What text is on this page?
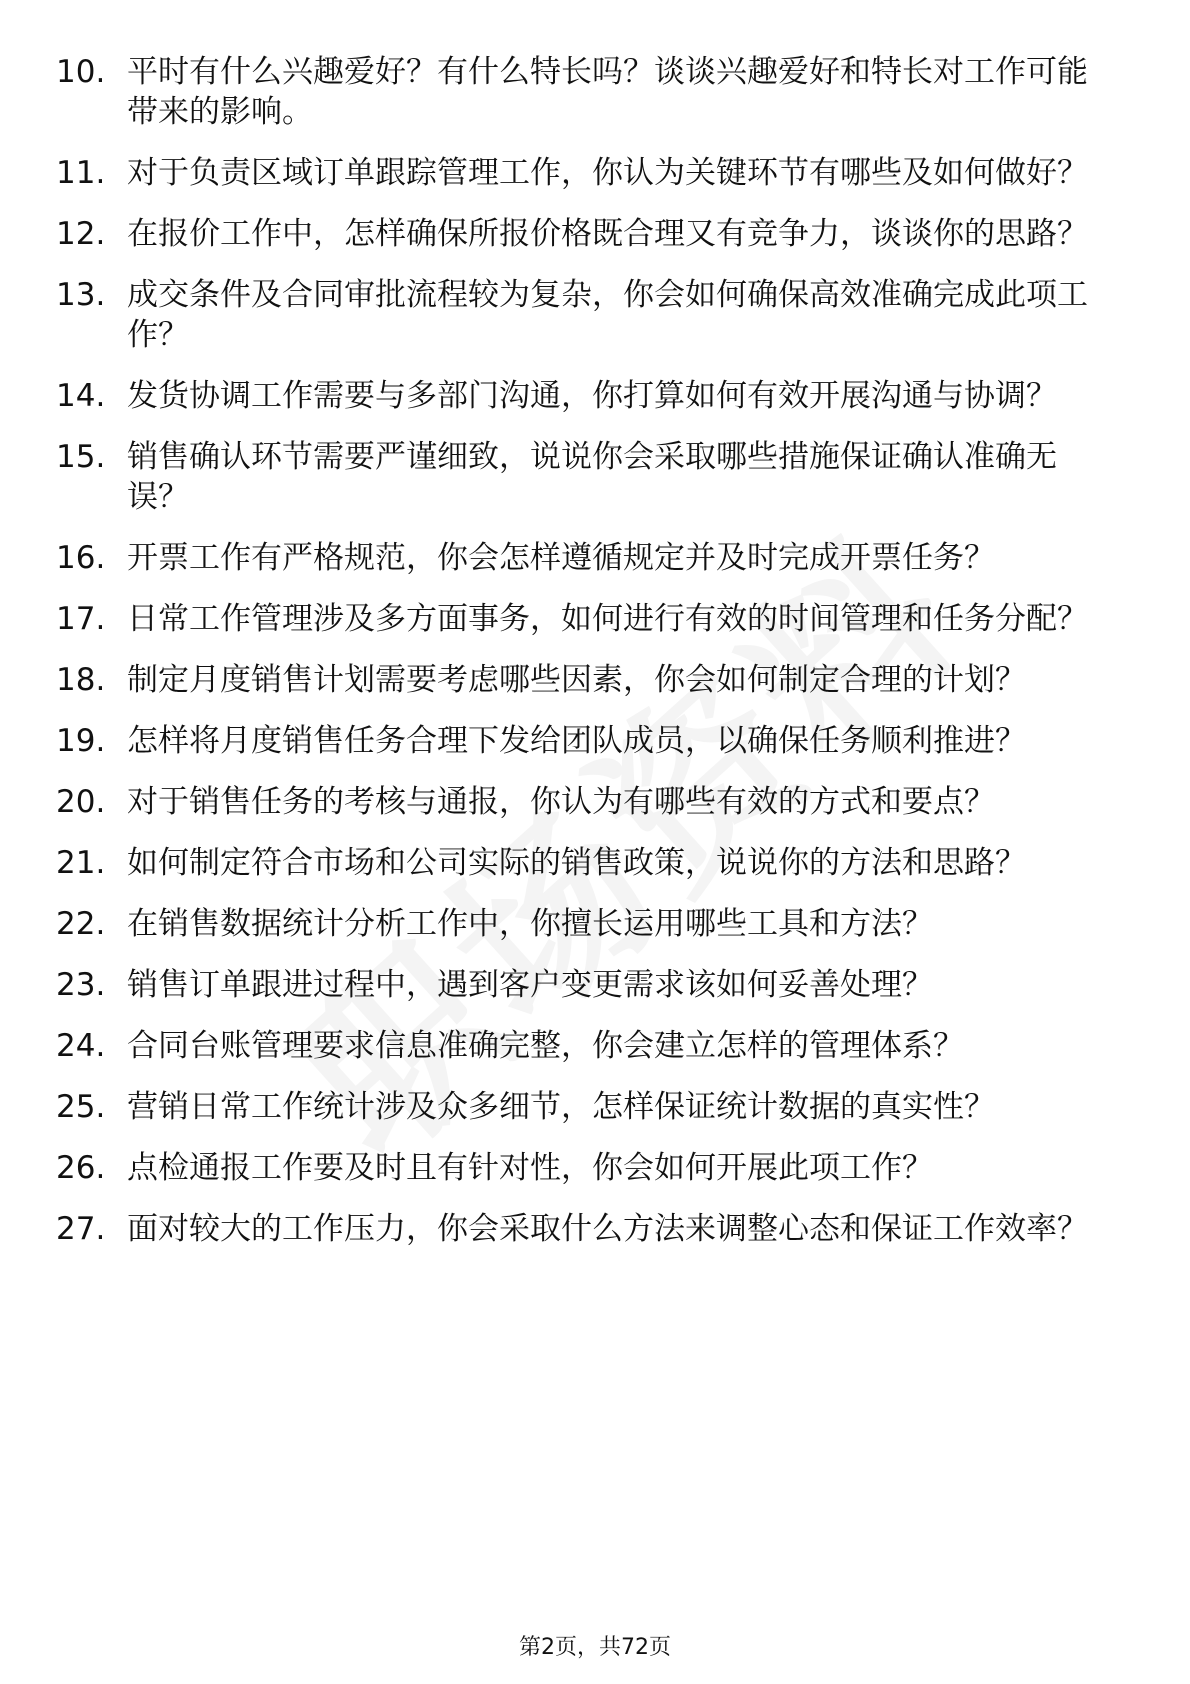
10. 平时有什么兴趣爱好？有什么特长吗？谈谈兴趣爱好和特长对工作可能带来的影响。
11. 对于负责区域订单跟踪管理工作，你认为关键环节有哪些及如何做好？
12. 在报价工作中，怎样确保所报价格既合理又有竞争力，谈谈你的思路？
13. 成交条件及合同审批流程较为复杂，你会如何确保高效准确完成此项工作？
14. 发货协调工作需要与多部门沟通，你打算如何有效开展沟通与协调？
15. 销售确认环节需要严谨细致，说说你会采取哪些措施保证确认准确无误？
16. 开票工作有严格规范，你会怎样遵循规定并及时完成开票任务？
17. 日常工作管理涉及多方面事务，如何进行有效的时间管理和任务分配？
18. 制定月度销售计划需要考虑哪些因素，你会如何制定合理的计划？
19. 怎样将月度销售任务合理下发给团队成员，以确保任务顺利推进？
20. 对于销售任务的考核与通报，你认为有哪些有效的方式和要点？
21. 如何制定符合市场和公司实际的销售政策，说说你的方法和思路？
22. 在销售数据统计分析工作中，你擅长运用哪些工具和方法？
23. 销售订单跟进过程中，遇到客户变更需求该如何妥善处理？
24. 合同台账管理要求信息准确完整，你会建立怎样的管理体系？
25. 营销日常工作统计涉及众多细节，怎样保证统计数据的真实性？
26. 点检通报工作要及时且有针对性，你会如何开展此项工作？
27. 面对较大的工作压力，你会采取什么方法来调整心态和保证工作效率？
第2页，共72页
